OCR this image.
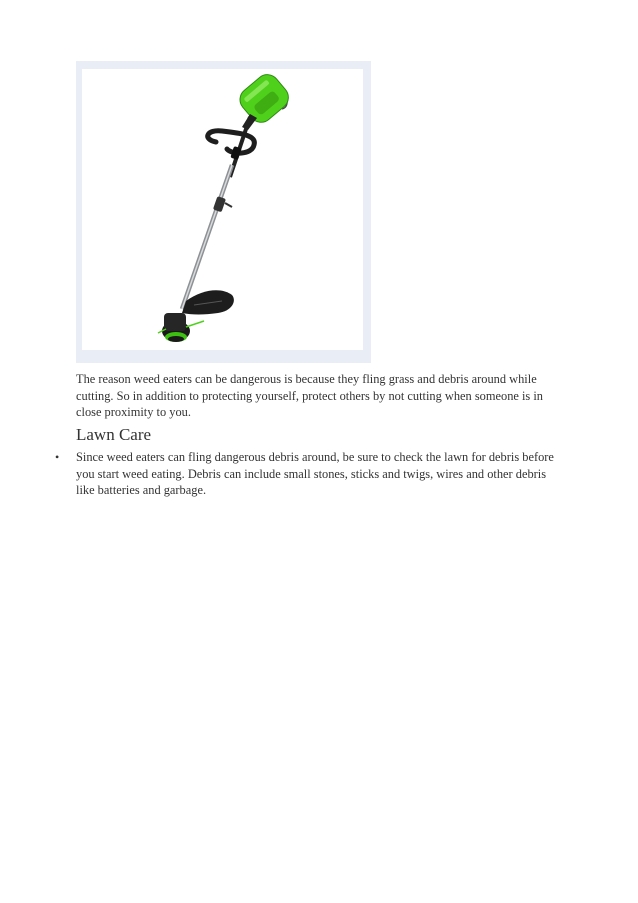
The reason weed eaters can be dangerous is because they fling grass and debris around while cutting. So in addition to protecting yourself, protect others by not cutting when someone is in close proximity to you.

Lawn Care
• Since weed eaters can fling dangerous debris around, be sure to check the lawn for debris before you start weed eating. Debris can include small stones, sticks and twigs, wires and other debris like batteries and garbage.
